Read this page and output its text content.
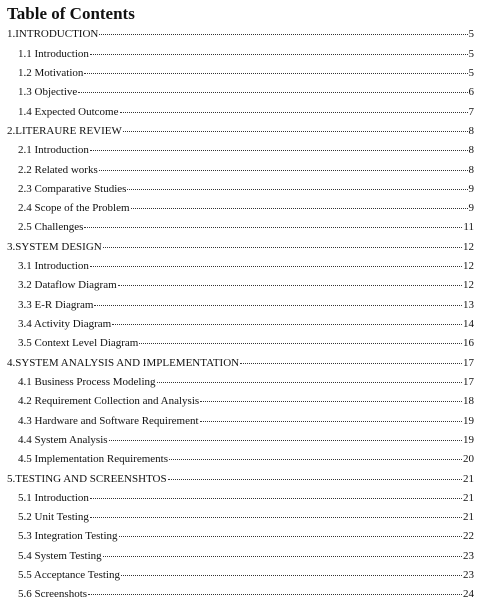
Table of Contents
1.INTRODUCTION	5
1.1 Introduction	5
1.2 Motivation	5
1.3 Objective	6
1.4 Expected Outcome	7
2.LITERAURE REVIEW	8
2.1 Introduction	8
2.2 Related works	8
2.3 Comparative Studies	9
2.4 Scope of the Problem	9
2.5 Challenges	11
3.SYSTEM DESIGN	12
3.1 Introduction	12
3.2 Dataflow Diagram	12
3.3 E-R Diagram	13
3.4 Activity Diagram	14
3.5 Context Level Diagram	16
4.SYSTEM ANALYSIS AND IMPLEMENTATION	17
4.1 Business Process Modeling	17
4.2 Requirement Collection and Analysis	18
4.3 Hardware and Software Requirement	19
4.4 System Analysis	19
4.5 Implementation Requirements	20
5.TESTING AND SCREENSHTOS	21
5.1 Introduction	21
5.2 Unit Testing	21
5.3 Integration Testing	22
5.4 System Testing	23
5.5 Acceptance Testing	23
5.6 Screenshots	24
